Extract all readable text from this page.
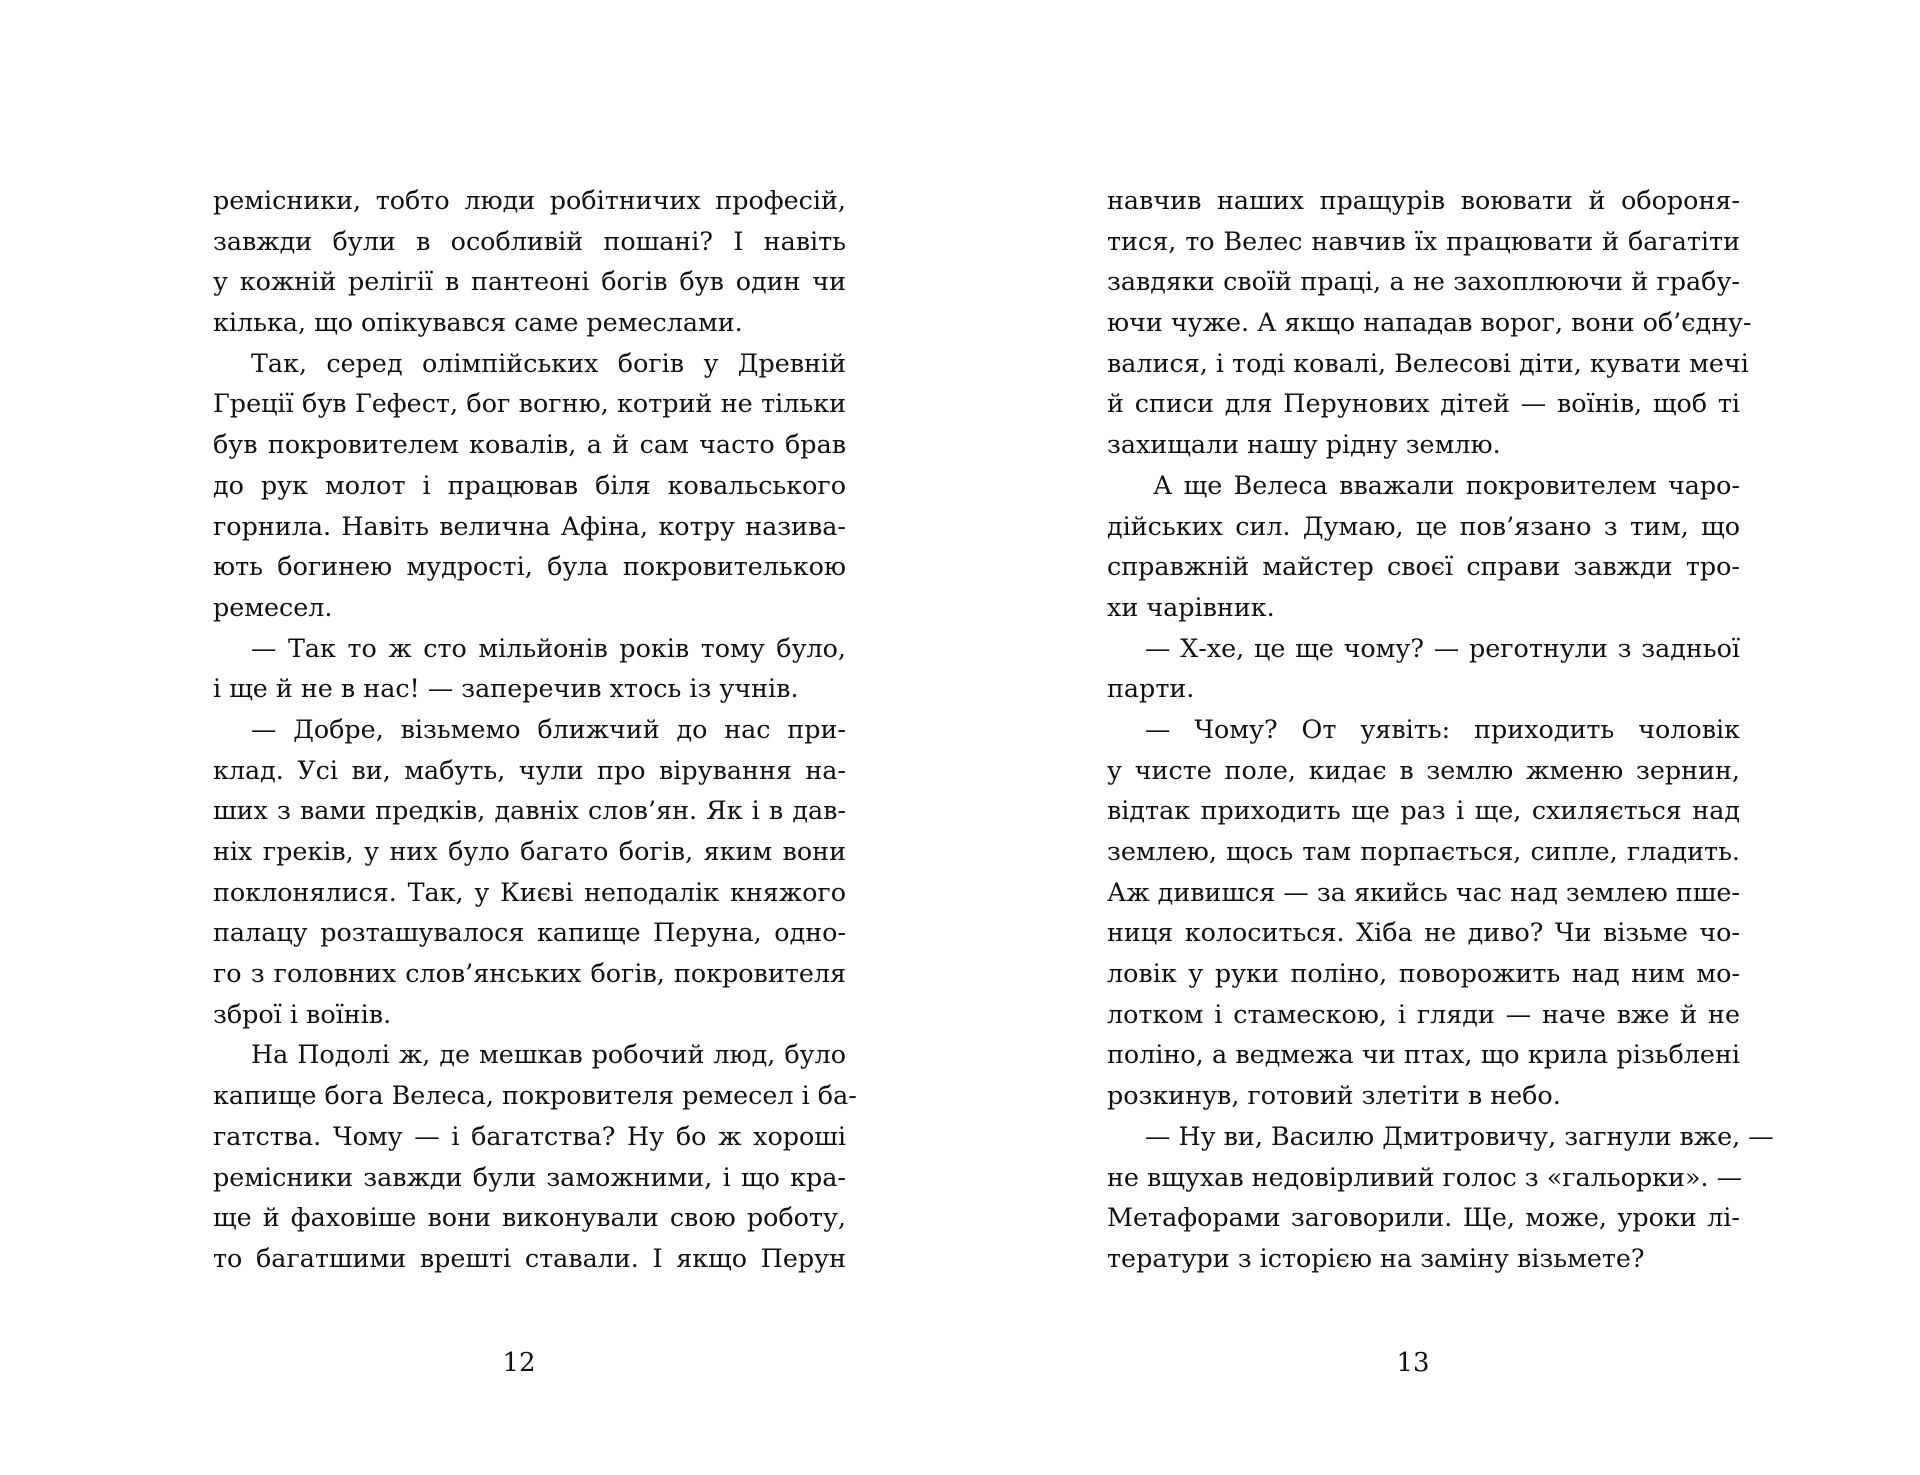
ремісники, тобто люди робітничих професій,
завжди були в особливій пошані? І навіть
у кожній релігії в пантеоні богів був один чи
кілька, що опікувався саме ремеслами.
Так, серед олімпійських богів у Древній
Греції був Гефест, бог вогню, котрий не тільки
був покровителем ковалів, а й сам часто брав
до рук молот і працював біля ковальського
горнила. Навіть велична Афіна, котру назива-
ють богинею мудрості, була покровителькою
ремесел.
— Так то ж сто мільйонів років тому було,
і ще й не в нас! — заперечив хтось із учнів.
— Добре, візьмемо ближчий до нас при-
клад. Усі ви, мабуть, чули про вірування на-
ших з вами предків, давніх слов’ян. Як і в дав-
ніх греків, у них було багато богів, яким вони
поклонялися. Так, у Києві неподалік княжого
палацу розташувалося капище Перуна, одно-
го з головних слов’янських богів, покровителя
зброї і воїнів.
На Подолі ж, де мешкав робочий люд, було
капище бога Велеса, покровителя ремесел і ба-
гатства. Чому — і багатства? Ну бо ж хороші
ремісники завжди були заможними, і що кра-
ще й фаховіше вони виконували свою роботу,
то багатшими врешті ставали. І якщо Перун
навчив наших пращурів воювати й обороня-
тися, то Велес навчив їх працювати й багатіти
завдяки своїй праці, а не захоплюючи й грабу-
ючи чуже. А якщо нападав ворог, вони об’єдну-
валися, і тоді ковалі, Велесові діти, кувати мечі
й списи для Перунових дітей — воїнів, щоб ті
захищали нашу рідну землю.
А ще Велеса вважали покровителем чаро-
дійських сил. Думаю, це пов’язано з тим, що
справжній майстер своєї справи завжди тро-
хи чарівник.
— Х-хе, це ще чому? — реготнули з задньої
парти.
— Чому? От уявіть: приходить чоловік
у чисте поле, кидає в землю жменю зернин,
відтак приходить ще раз і ще, схиляється над
землею, щось там порпається, сипле, гладить.
Аж дивишся — за якийсь час над землею пше-
ниця колоситься. Хіба не диво? Чи візьме чо-
ловік у руки поліно, поворожить над ним мо-
лотком і стамескою, і гляди — наче вже й не
поліно, а ведмежа чи птах, що крила різьблені
розкинув, готовий злетіти в небо.
— Ну ви, Василю Дмитровичу, загнули вже, —
не вщухав недовірливий голос з «гальорки». —
Метафорами заговорили. Ще, може, уроки лі-
тератури з історією на заміну візьмете?
12	13
